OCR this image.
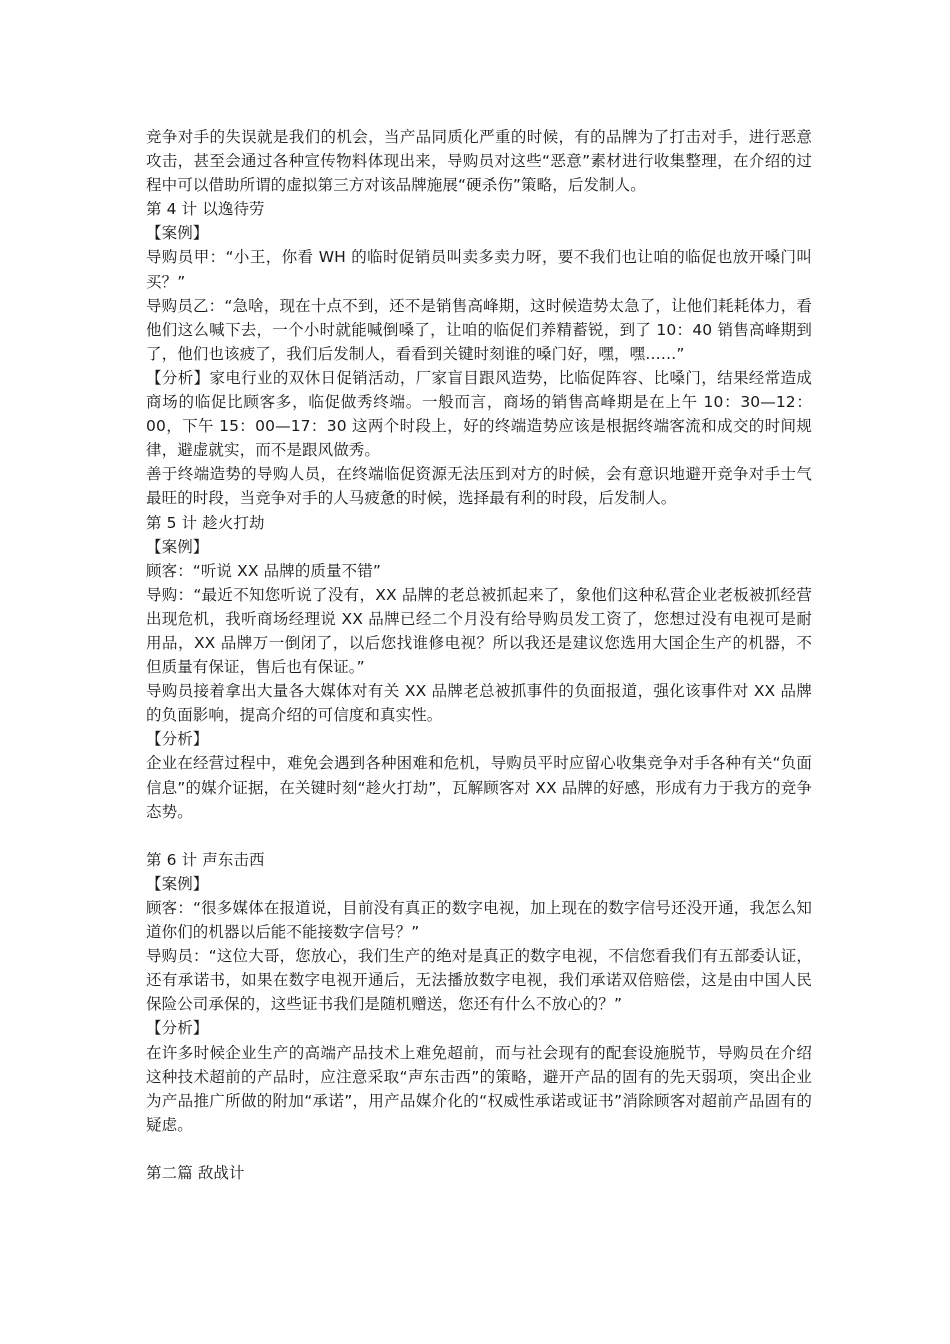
竞争对手的失误就是我们的机会，当产品同质化严重的时候，有的品牌为了打击对手，进行恶意攻击，甚至会通过各种宣传物料体现出来，导购员对这些“恶意”素材进行收集整理，在介绍的过程中可以借助所谓的虚拟第三方对该品牌施展“硬杀伤”策略，后发制人。

第 4 计 以逸待劳

【案例】

导购员甲：“小王，你看 WH 的临时促销员叫卖多卖力呀，要不我们也让咱的临促也放开嗓门叫买？”

导购员乙：“急啥，现在十点不到，还不是销售高峰期，这时候造势太急了，让他们耗耗体力，看他们这么喊下去，一个小时就能喊倒嗓了，让咱的临促们养精蓄锐，到了 10：40 销售高峰期到了，他们也该疲了，我们后发制人，看看到关键时刻谁的嗓门好，嘿，嘿……”

【分析】家电行业的双休日促销活动，厂家盲目跟风造势，比临促阵容、比嗓门，结果经常造成商场的临促比顾客多，临促做秀终端。一般而言，商场的销售高峰期是在上午 10：30—12：00，下午 15：00—17：30 这两个时段上，好的终端造势应该是根据终端客流和成交的时间规律，避虚就实，而不是跟风做秀。

善于终端造势的导购人员，在终端临促资源无法压到对方的时候，会有意识地避开竞争对手士气最旺的时段，当竞争对手的人马疲惫的时候，选择最有利的时段，后发制人。

第 5 计 趁火打劫

【案例】

顾客：“听说 XX 品牌的质量不错”

导购：“最近不知您听说了没有，XX 品牌的老总被抓起来了，象他们这种私营企业老板被抓经营出现危机，我听商场经理说 XX 品牌已经二个月没有给导购员发工资了，您想过没有电视可是耐用品，XX 品牌万一倒闭了，以后您找谁修电视？所以我还是建议您选用大国企生产的机器，不但质量有保证，售后也有保证。”

导购员接着拿出大量各大媒体对有关 XX 品牌老总被抓事件的负面报道，强化该事件对 XX 品牌的负面影响，提高介绍的可信度和真实性。

【分析】

企业在经营过程中，难免会遇到各种困难和危机，导购员平时应留心收集竞争对手各种有关“负面信息”的媒介证据，在关键时刻“趁火打劫”，瓦解顾客对 XX 品牌的好感，形成有力于我方的竞争态势。

第 6 计 声东击西

【案例】

顾客：“很多媒体在报道说，目前没有真正的数字电视，加上现在的数字信号还没开通，我怎么知道你们的机器以后能不能接数字信号？”

导购员：“这位大哥，您放心，我们生产的绝对是真正的数字电视，不信您看我们有五部委认证，还有承诺书，如果在数字电视开通后，无法播放数字电视，我们承诺双倍赔偿，这是由中国人民保险公司承保的，这些证书我们是随机赠送，您还有什么不放心的？”

【分析】

在许多时候企业生产的高端产品技术上难免超前，而与社会现有的配套设施脱节，导购员在介绍这种技术超前的产品时，应注意采取“声东击西”的策略，避开产品的固有的先天弱项，突出企业为产品推广所做的附加“承诺”，用产品媒介化的“权威性承诺或证书”消除顾客对超前产品固有的疑虑。

第二篇 敌战计
